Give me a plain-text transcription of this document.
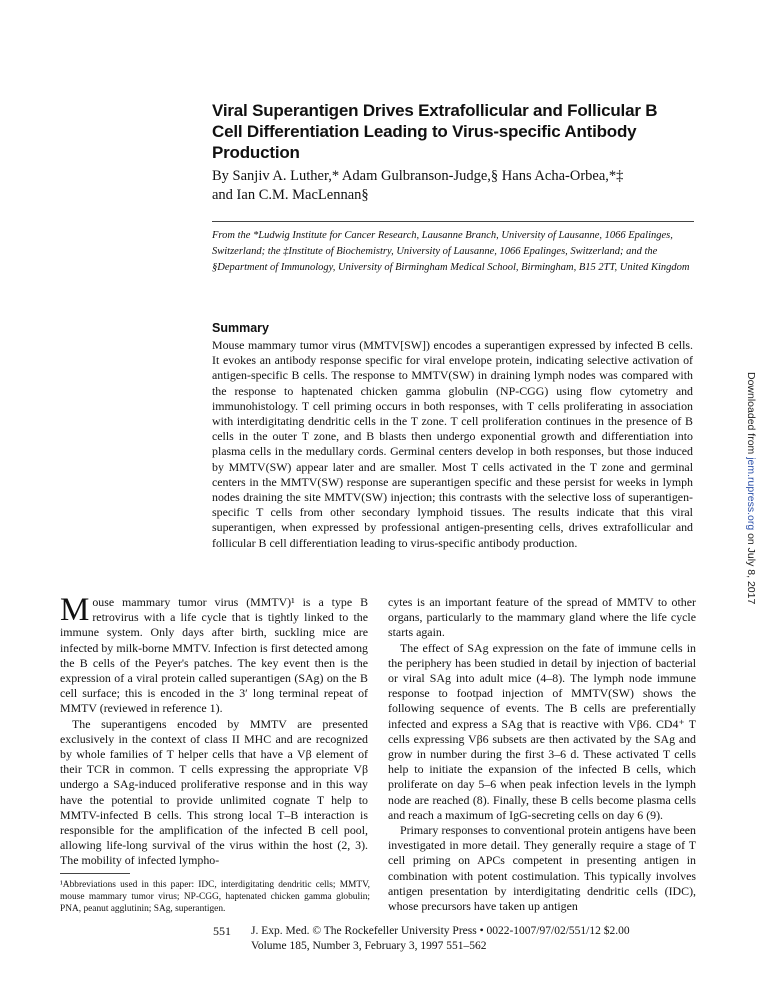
Viral Superantigen Drives Extrafollicular and Follicular B Cell Differentiation Leading to Virus-specific Antibody Production
By Sanjiv A. Luther,* Adam Gulbranson-Judge,§ Hans Acha-Orbea,*‡
and Ian C.M. MacLennan§
From the *Ludwig Institute for Cancer Research, Lausanne Branch, University of Lausanne, 1066 Epalinges, Switzerland; the ‡Institute of Biochemistry, University of Lausanne, 1066 Epalinges, Switzerland; and the §Department of Immunology, University of Birmingham Medical School, Birmingham, B15 2TT, United Kingdom
Summary
Mouse mammary tumor virus (MMTV[SW]) encodes a superantigen expressed by infected B cells. It evokes an antibody response specific for viral envelope protein, indicating selective activation of antigen-specific B cells. The response to MMTV(SW) in draining lymph nodes was compared with the response to haptenated chicken gamma globulin (NP-CGG) using flow cytometry and immunohistology. T cell priming occurs in both responses, with T cells proliferating in association with interdigitating dendritic cells in the T zone. T cell proliferation continues in the presence of B cells in the outer T zone, and B blasts then undergo exponential growth and differentiation into plasma cells in the medullary cords. Germinal centers develop in both responses, but those induced by MMTV(SW) appear later and are smaller. Most T cells activated in the T zone and germinal centers in the MMTV(SW) response are superantigen specific and these persist for weeks in lymph nodes draining the site MMTV(SW) injection; this contrasts with the selective loss of superantigen-specific T cells from other secondary lymphoid tissues. The results indicate that this viral superantigen, when expressed by professional antigen-presenting cells, drives extrafollicular and follicular B cell differentiation leading to virus-specific antibody production.

Mouse mammary tumor virus (MMTV)¹ is a type B retrovirus with a life cycle that is tightly linked to the immune system. Only days after birth, suckling mice are infected by milk-borne MMTV. Infection is first detected among the B cells of the Peyer's patches. The key event then is the expression of a viral protein called superantigen (SAg) on the B cell surface; this is encoded in the 3′ long terminal repeat of MMTV (reviewed in reference 1).

The superantigens encoded by MMTV are presented exclusively in the context of class II MHC and are recognized by whole families of T helper cells that have a Vβ element of their TCR in common. T cells expressing the appropriate Vβ undergo a SAg-induced proliferative response and in this way have the potential to provide unlimited cognate T help to MMTV-infected B cells. This strong local T–B interaction is responsible for the amplification of the infected B cell pool, allowing life-long survival of the virus within the host (2, 3). The mobility of infected lympho-

cytes is an important feature of the spread of MMTV to other organs, particularly to the mammary gland where the life cycle starts again.

The effect of SAg expression on the fate of immune cells in the periphery has been studied in detail by injection of bacterial or viral SAg into adult mice (4–8). The lymph node immune response to footpad injection of MMTV(SW) shows the following sequence of events. The B cells are preferentially infected and express a SAg that is reactive with Vβ6. CD4⁺ T cells expressing Vβ6 subsets are then activated by the SAg and grow in number during the first 3–6 d. These activated T cells help to initiate the expansion of the infected B cells, which proliferate on day 5–6 when peak infection levels in the lymph node are reached (8). Finally, these B cells become plasma cells and reach a maximum of IgG-secreting cells on day 6 (9).

Primary responses to conventional protein antigens have been investigated in more detail. They generally require a stage of T cell priming on APCs competent in presenting antigen in combination with potent costimulation. This typically involves antigen presentation by interdigitating dendritic cells (IDC), whose precursors have taken up antigen

¹Abbreviations used in this paper: IDC, interdigitating dendritic cells; MMTV, mouse mammary tumor virus; NP-CGG, haptenated chicken gamma globulin; PNA, peanut agglutinin; SAg, superantigen.
551 J. Exp. Med. © The Rockefeller University Press • 0022-1007/97/02/551/12 $2.00
Volume 185, Number 3, February 3, 1997 551–562
Downloaded from jem.rupress.org on July 8, 2017
